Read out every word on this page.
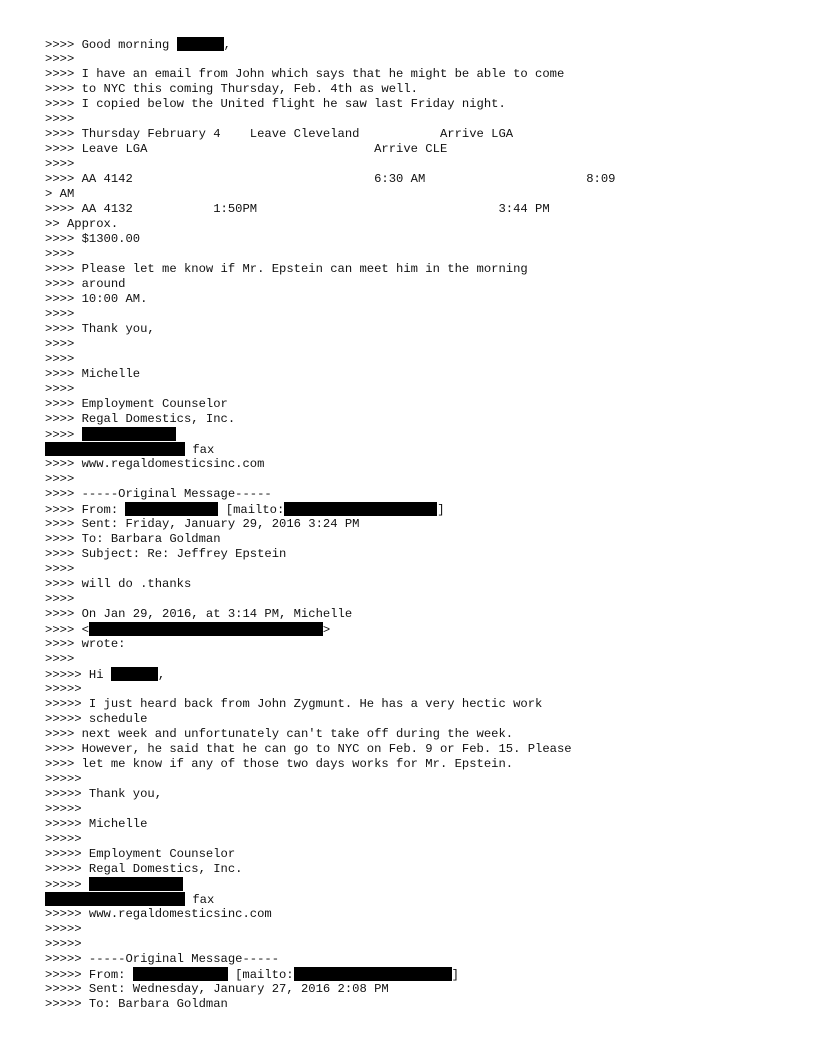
>>>> Good morning	,
>>>>
>>>> I have an email from John which says that he might be able to come
>>>> to NYC this coming Thursday, Feb. 4th as well.
>>>> I copied below the United flight he saw last Friday night.
>>>>
>>>> Thursday February 4    Leave Cleveland           Arrive LGA
>>>> Leave LGA                               Arrive CLE
>>>>
>>>> AA 4142                                 6:30 AM                      8:09
> AM
>>>> AA 4132           1:50PM                                 3:44 PM
>> Approx.
>>>> $1300.00
>>>>
>>>> Please let me know if Mr. Epstein can meet him in the morning
>>>> around
>>>> 10:00 AM.
>>>>
>>>> Thank you,
>>>>
>>>>
>>>> Michelle
>>>>
>>>> Employment Counselor
>>>> Regal Domestics, Inc.
>>>>
fax
>>>> www.regaldomesticsinc.com
>>>>
>>>> -----Original Message-----
>>>> From:	[mailto:	]
>>>> Sent: Friday, January 29, 2016 3:24 PM
>>>> To: Barbara Goldman
>>>> Subject: Re: Jeffrey Epstein
>>>>
>>>> will do .thanks
>>>>
>>>> On Jan 29, 2016, at 3:14 PM, Michelle
>>>> <	>
>>>> wrote:
>>>>
>>>>> Hi	,
>>>>>
>>>>> I just heard back from John Zygmunt. He has a very hectic work
>>>>> schedule
>>>> next week and unfortunately can't take off during the week.
>>>> However, he said that he can go to NYC on Feb. 9 or Feb. 15. Please
>>>> let me know if any of those two days works for Mr. Epstein.
>>>>>
>>>>> Thank you,
>>>>>
>>>>> Michelle
>>>>>
>>>>> Employment Counselor
>>>>> Regal Domestics, Inc.
>>>>>
fax
>>>>> www.regaldomesticsinc.com
>>>>>
>>>>>
>>>>> -----Original Message-----
>>>>> From:	[mailto:	]
>>>>> Sent: Wednesday, January 27, 2016 2:08 PM
>>>>> To: Barbara Goldman
